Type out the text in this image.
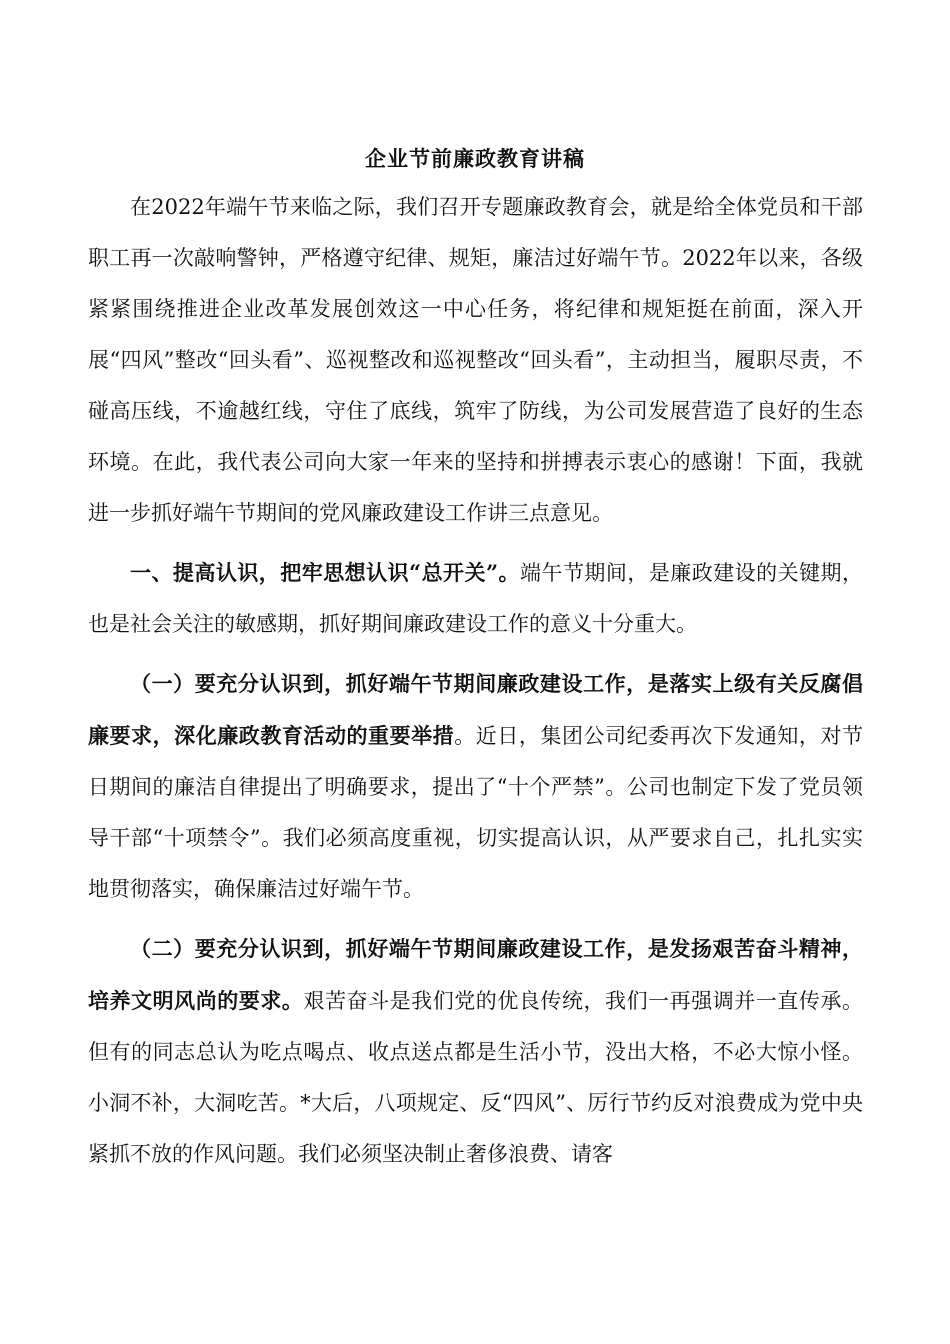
企业节前廉政教育讲稿

在2022年端午节来临之际，我们召开专题廉政教育会，就是给全体党员和干部职工再一次敲响警钟，严格遵守纪律、规矩，廉洁过好端午节。2022年以来，各级紧紧围绕推进企业改革发展创效这一中心任务，将纪律和规矩挺在前面，深入开展“四风”整改“回头看”、巡视整改和巡视整改“回头看”，主动担当，履职尽责，不碰高压线，不逾越红线，守住了底线，筑牢了防线，为公司发展营造了良好的生态环境。在此，我代表公司向大家一年来的坚持和拼搏表示衷心的感谢！下面，我就进一步抓好端午节期间的党风廉政建设工作讲三点意见。

一、提高认识，把牢思想认识“总开关”。端午节期间，是廉政建设的关键期，也是社会关注的敏感期，抓好期间廉政建设工作的意义十分重大。

（一）要充分认识到，抓好端午节期间廉政建设工作，是落实上级有关反腐倡廉要求，深化廉政教育活动的重要举措。近日，集团公司纪委再次下发通知，对节日期间的廉洁自律提出了明确要求，提出了“十个严禁”。公司也制定下发了党员领导干部“十项禁令”。我们必须高度重视，切实提高认识，从严要求自己，扎扎实实地贯彻落实，确保廉洁过好端午节。

（二）要充分认识到，抓好端午节期间廉政建设工作，是发扬艰苦奋斗精神，培养文明风尚的要求。艰苦奋斗是我们党的优良传统，我们一再强调并一直传承。但有的同志总认为吃点喝点、收点送点都是生活小节，没出大格，不必大惊小怪。小洞不补，大洞吃苦。*大后，八项规定、反“四风”、厉行节约反对浪费成为党中央紧抓不放的作风问题。我们必须坚决制止奢侈浪费、请客
